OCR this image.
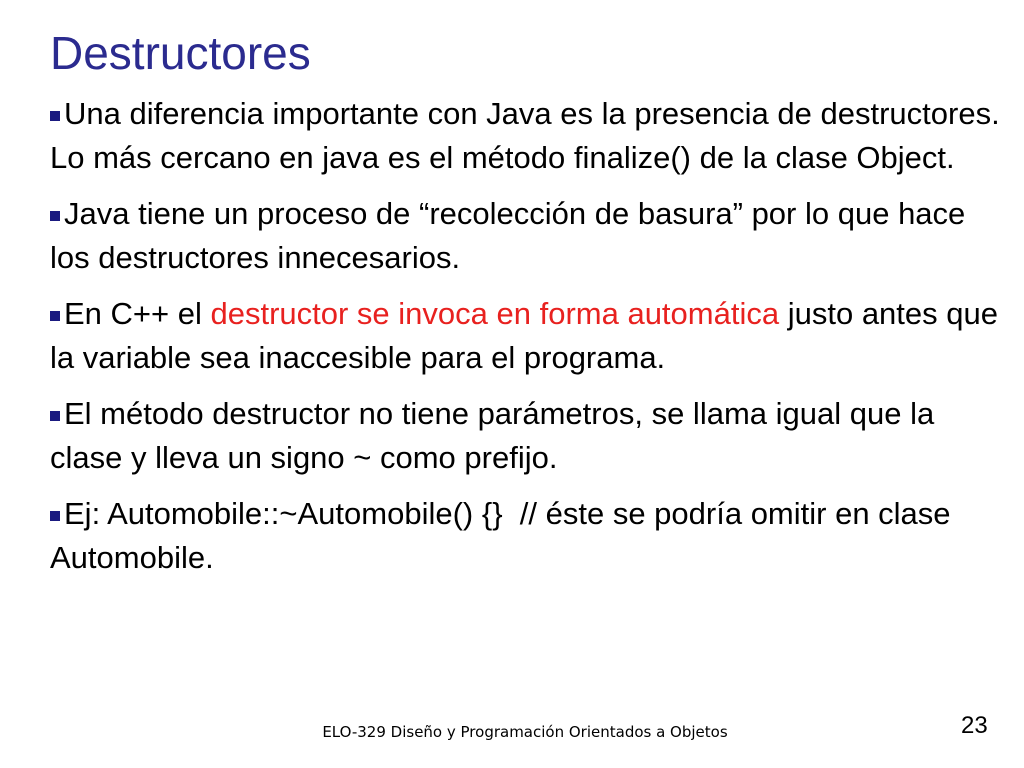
Destructores
Una diferencia importante con Java es la presencia de destructores. Lo más cercano en java es el método finalize() de la clase Object.
Java tiene un proceso de “recolección de basura” por lo que hace los destructores innecesarios.
En C++ el destructor se invoca en forma automática justo antes que la variable sea inaccesible para el programa.
El método destructor no tiene parámetros, se llama igual que la clase y lleva un signo ~ como prefijo.
Ej: Automobile::~Automobile() {}  // éste se podría omitir en clase Automobile.
ELO-329 Diseño y Programación Orientados a Objetos	23
